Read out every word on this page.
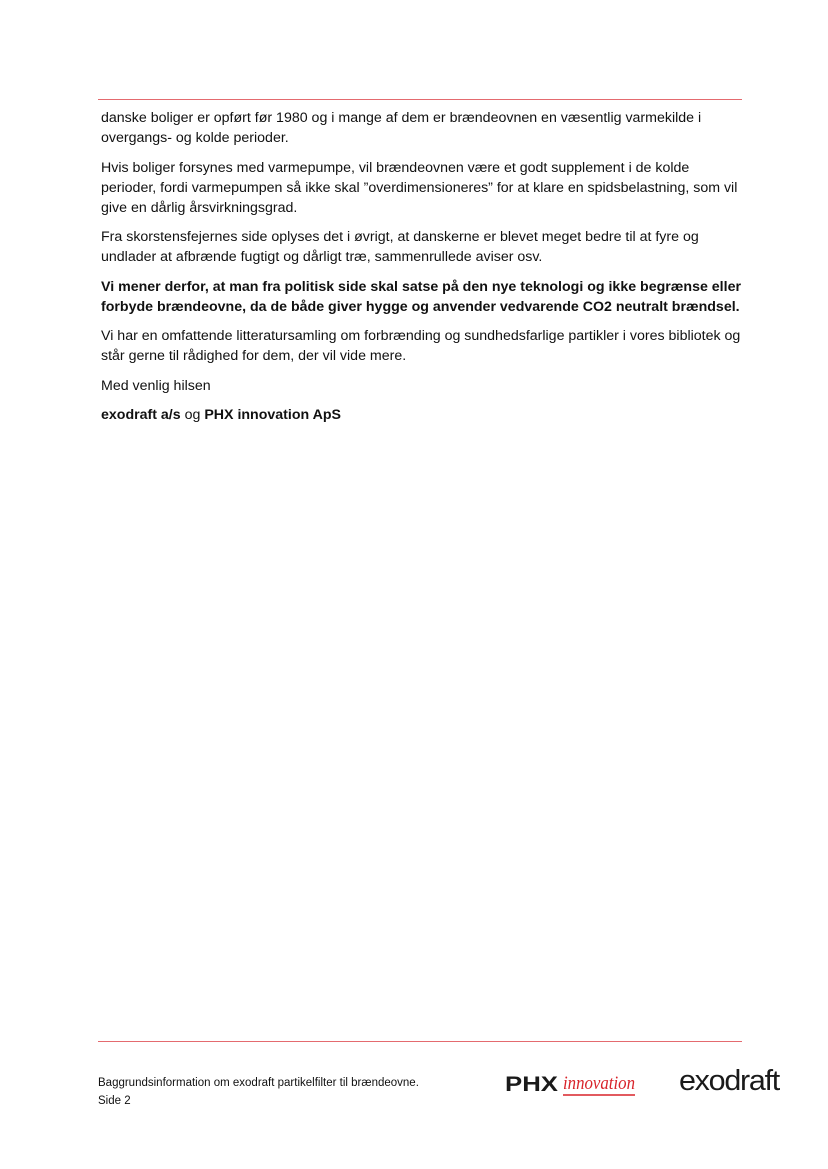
danske boliger er opført før 1980 og i mange af dem er brændeovnen en væsentlig varmekilde i overgangs- og kolde perioder.

Hvis boliger forsynes med varmepumpe, vil brændeovnen være et godt supplement i de kolde perioder, fordi varmepumpen så ikke skal ”overdimensioneres” for at klare en spidsbelastning, som vil give en dårlig årsvirkningsgrad.

Fra skorstensfejernes side oplyses det i øvrigt, at danskerne er blevet meget bedre til at fyre og undlader at afbrænde fugtigt og dårligt træ, sammenrullede aviser osv.

Vi mener derfor, at man fra politisk side skal satse på den nye teknologi og ikke begrænse eller forbyde brændeovne, da de både giver hygge og anvender vedvarende CO2 neutralt brændsel.

Vi har en omfattende litteratursamling om forbrænding og sundhedsfarlige partikler i vores bibliotek og står gerne til rådighed for dem, der vil vide mere.

Med venlig hilsen

exodraft a/s og PHX innovation ApS

Baggrundsinformation om exodraft partikelfilter til brændeovne.
Side 2
PHX innovation exodraft
